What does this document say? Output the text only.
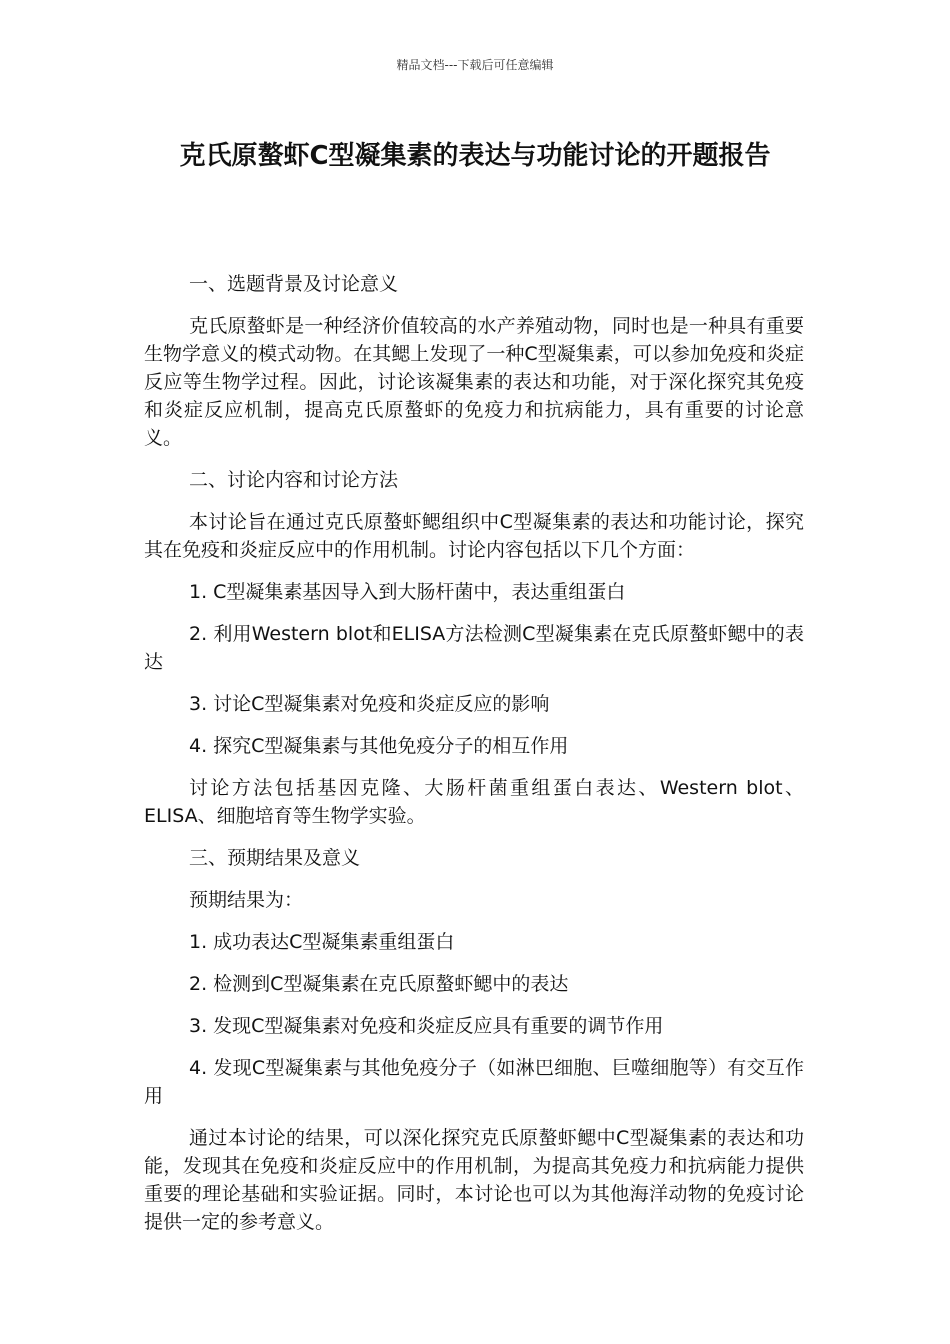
精品文档---下载后可任意编辑
克氏原螯虾C型凝集素的表达与功能讨论的开题报告

一、选题背景及讨论意义

克氏原螯虾是一种经济价值较高的水产养殖动物，同时也是一种具有重要生物学意义的模式动物。在其鳃上发现了一种C型凝集素，可以参加免疫和炎症反应等生物学过程。因此，讨论该凝集素的表达和功能，对于深化探究其免疫和炎症反应机制，提高克氏原螯虾的免疫力和抗病能力，具有重要的讨论意义。

二、讨论内容和讨论方法

本讨论旨在通过克氏原螯虾鳃组织中C型凝集素的表达和功能讨论，探究其在免疫和炎症反应中的作用机制。讨论内容包括以下几个方面：

1. C型凝集素基因导入到大肠杆菌中，表达重组蛋白

2. 利用Western blot和ELISA方法检测C型凝集素在克氏原螯虾鳃中的表达

3. 讨论C型凝集素对免疫和炎症反应的影响

4. 探究C型凝集素与其他免疫分子的相互作用

讨论方法包括基因克隆、大肠杆菌重组蛋白表达、Western blot、ELISA、细胞培育等生物学实验。

三、预期结果及意义

预期结果为：

1. 成功表达C型凝集素重组蛋白

2. 检测到C型凝集素在克氏原螯虾鳃中的表达

3. 发现C型凝集素对免疫和炎症反应具有重要的调节作用

4. 发现C型凝集素与其他免疫分子（如淋巴细胞、巨噬细胞等）有交互作用

通过本讨论的结果，可以深化探究克氏原螯虾鳃中C型凝集素的表达和功能，发现其在免疫和炎症反应中的作用机制，为提高其免疫力和抗病能力提供重要的理论基础和实验证据。同时，本讨论也可以为其他海洋动物的免疫讨论提供一定的参考意义。
